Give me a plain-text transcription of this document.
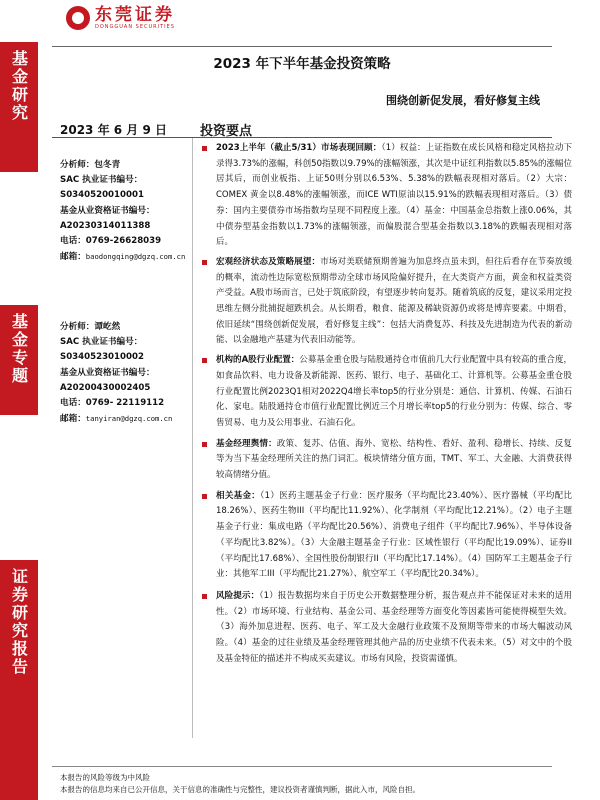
基金研究
基金专题
证券研究报告
东莞证券
DONGGUAN SECURITIES
2023 年下半年基金投资策略
围绕创新促发展，看好修复主线
2023 年 6 月 9 日	投资要点
分析师：包冬青
SAC 执业证书编号：
S0340520010001
基金从业资格证书编号：
A20230314011388
电话：0769-26628039
邮箱：baodongqing@dgzq.com.cn
分析师：谭屹然
SAC 执业证书编号：
S0340523010002
基金从业资格证书编号：
A20200430002405
电话：0769- 22119112
邮箱：tanyiran@dgzq.com.cn
2023上半年（截止5/31）市场表现回顾：（1）权益：上证指数在成长风格和稳定风格拉动下录得3.73%的涨幅，科创50指数以9.79%的涨幅领涨，其次是中证红利指数以5.85%的涨幅位居其后，而创业板指、上证50则分别以6.53%、5.38%的跌幅表现相对落后。（2）大宗：COMEX 黄金以8.48%的涨幅领涨，而ICE WTI原油以15.91%的跌幅表现相对落后。（3）债券：国内主要债券市场指数均呈现不同程度上涨。（4）基金：中国基金总指数上涨0.06%，其中债券型基金指数以1.73%的涨幅领涨，而偏股混合型基金指数以3.18%的跌幅表现相对落后。
宏观经济状态及策略展望：市场对美联储预期普遍为加息终点虽未到，但往后看存在节奏放缓的概率，流动性边际宽松预期带动全球市场风险偏好提升，在大类资产方面，黄金和权益类资产受益。A股市场而言，已处于筑底阶段，有望逐步转向复苏。随着筑底的反复，建议采用定投思维左侧分批捕捉超跌机会。从长期看，粮食、能源及稀缺资源仍或将是博弈要素。中期看，依旧延续“围绕创新促发展，看好修复主线”：包括大消费复苏、科技及先进制造为代表的新动能、以金融地产基建为代表旧动能等。
机构的A股行业配置：公募基金重仓股与陆股通持仓市值前几大行业配置中具有较高的重合度，如食品饮料、电力设备及新能源、医药、银行、电子、基础化工、计算机等。公募基金重仓股行业配置比例2023Q1相对2022Q4增长率top5的行业分别是：通信、计算机、传媒、石油石化、家电。陆股通持仓市值行业配置比例近三个月增长率top5的行业分别为：传媒、综合、零售贸易、电力及公用事业、石油石化。
基金经理舆情：政策、复苏、估值、海外、宽松、结构性、看好、盈利、稳增长、持续、反复等为当下基金经理所关注的热门词汇。板块情绪分值方面，TMT、军工、大金融、大消费获得较高情绪分值。
相关基金：（1）医药主题基金子行业：医疗服务（平均配比23.40%）、医疗器械（平均配比18.26%）、医药生物III（平均配比11.92%）、化学制剂（平均配比12.21%）。（2）电子主题基金子行业：集成电路（平均配比20.56%）、消费电子组件（平均配比7.96%）、半导体设备（平均配比3.82%）。（3）大金融主题基金子行业：区域性银行（平均配比19.09%）、证券II（平均配比17.68%）、全国性股份制银行II（平均配比17.14%）。（4）国防军工主题基金子行业：其他军工III（平均配比21.27%）、航空军工（平均配比20.34%）。
风险提示：（1）报告数据均来自于历史公开数据整理分析，报告观点并不能保证对未来的适用性。（2）市场环境、行业结构、基金公司、基金经理等方面变化等因素皆可能使得模型失效。（3）海外加息进程、医药、电子、军工及大金融行业政策不及预期等带来的市场大幅波动风险。（4）基金的过往业绩及基金经理管理其他产品的历史业绩不代表未来。（5）对文中的个股及基金特征的描述并不构成买卖建议。市场有风险，投资需谨慎。
本报告的风险等级为中风险
本报告的信息均来自已公开信息，关于信息的准确性与完整性，建议投资者谨慎判断，据此入市，风险自担。
